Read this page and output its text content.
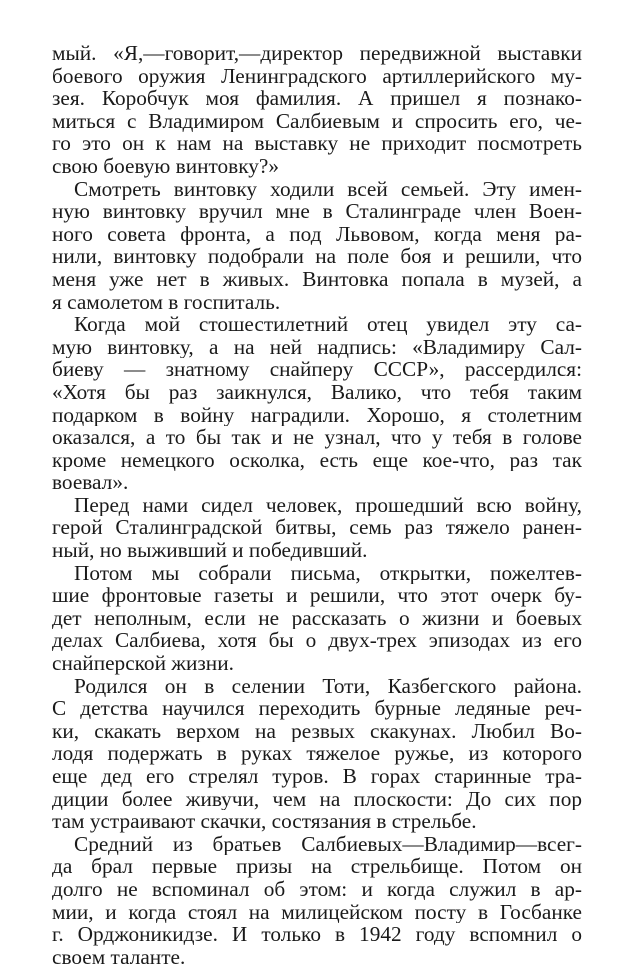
мый. «Я,—говорит,—директор передвижной выставки
боевого оружия Ленинградского артиллерийского му-
зея. Коробчук моя фамилия. А пришел я познако-
миться с Владимиром Салбиевым и спросить его, че-
го это он к нам на выставку не приходит посмотреть
свою боевую винтовку?»
Смотреть винтовку ходили всей семьей. Эту имен-
ную винтовку вручил мне в Сталинграде член Воен-
ного совета фронта, а под Львовом, когда меня ра-
нили, винтовку подобрали на поле боя и решили, что
меня уже нет в живых. Винтовка попала в музей, а
я самолетом в госпиталь.
Когда мой стошестилетний отец увидел эту са-
мую винтовку, а на ней надпись: «Владимиру Сал-
биеву — знатному снайперу СССР», рассердился:
«Хотя бы раз заикнулся, Валико, что тебя таким
подарком в войну наградили. Хорошо, я столетним
оказался, а то бы так и не узнал, что у тебя в голове
кроме немецкого осколка, есть еще кое-что, раз так
воевал».
Перед нами сидел человек, прошедший всю войну,
герой Сталинградской битвы, семь раз тяжело ранен-
ный, но выживший и победивший.
Потом мы собрали письма, открытки, пожелтев-
шие фронтовые газеты и решили, что этот очерк бу-
дет неполным, если не рассказать о жизни и боевых
делах Салбиева, хотя бы о двух-трех эпизодах из его
снайперской жизни.
Родился он в селении Тоти, Казбегского района.
С детства научился переходить бурные ледяные реч-
ки, скакать верхом на резвых скакунах. Любил Во-
лодя подержать в руках тяжелое ружье, из которого
еще дед его стрелял туров. В горах старинные тра-
диции более живучи, чем на плоскости: До сих пор
там устраивают скачки, состязания в стрельбе.
Средний из братьев Салбиевых—Владимир—всег-
да брал первые призы на стрельбище. Потом он
долго не вспоминал об этом: и когда служил в ар-
мии, и когда стоял на милицейском посту в Госбанке
г. Орджоникидзе. И только в 1942 году вспомнил о
своем таланте.
